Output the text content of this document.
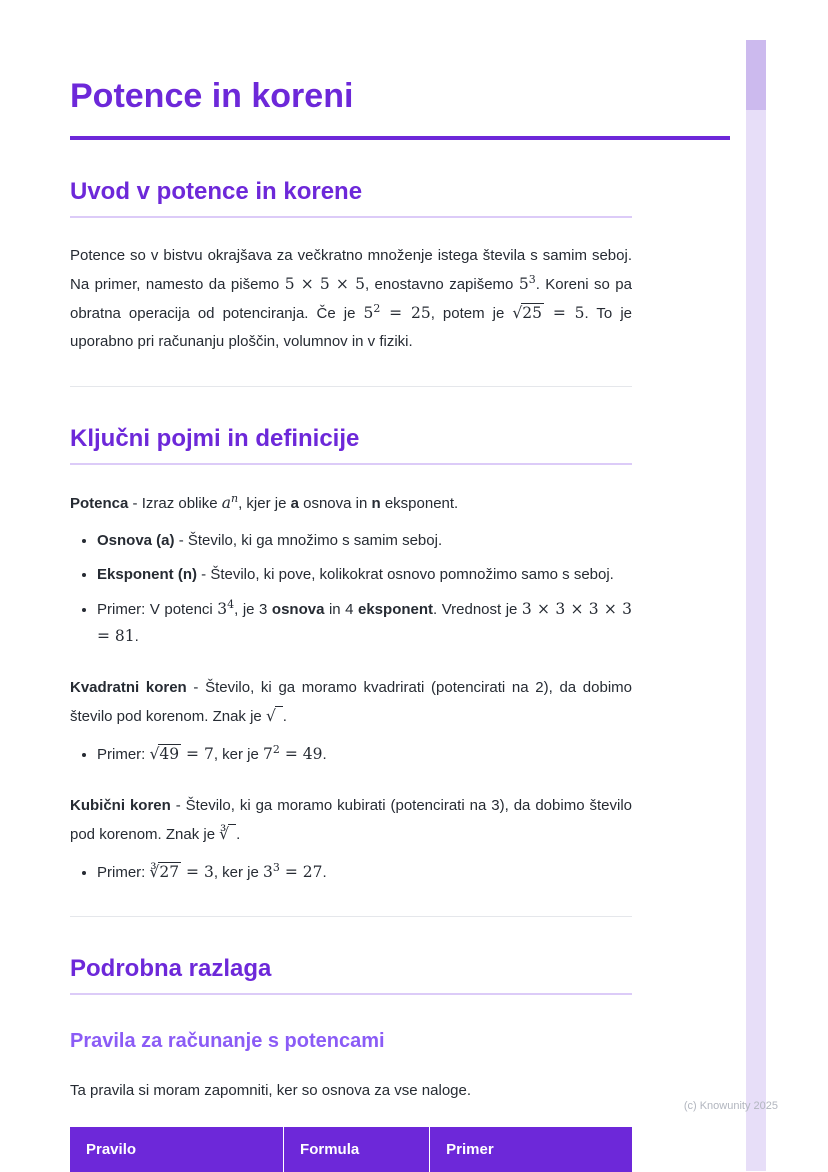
Potence in koreni
Uvod v potence in korene

Potence so v bistvu okrajšava za večkratno množenje istega števila s samim seboj. Na primer, namesto da pišemo 5 × 5 × 5, enostavno zapišemo $5^3$. Koreni so pa obratna operacija od potenciranja. Če je $5^2 = 25$, potem je √25 = 5. To je uporabno pri računanju ploščin, volumnov in v fiziki.

Ključni pojmi in definicije

Potenca - Izraz oblike $a^n$, kjer je a osnova in n eksponent.

• Osnova (a) - Število, ki ga množimo s samim seboj.
• Eksponent (n) - Število, ki pove, kolikokrat osnovo pomnožimo samo s seboj.
• Primer: V potenci $3^4$, je 3 osnova in 4 eksponent. Vrednost je 3 × 3 × 3 × 3 = 81.

Kvadratni koren - Število, ki ga moramo kvadrirati (potencirati na 2), da dobimo število pod korenom. Znak je √ .

• Primer: √49 = 7, ker je $7^2 = 49$.

Kubični koren - Število, ki ga moramo kubirati (potencirati na 3), da dobimo število pod korenom. Znak je ∛ .

• Primer: ∛27 = 3, ker je $3^3 = 27$.
Podrobna razlaga
Pravila za računanje s potencami

Ta pravila si moram zapomniti, ker so osnova za vse naloge.

Pravilo	Formula	Primer
(c) Knowunity 2025
